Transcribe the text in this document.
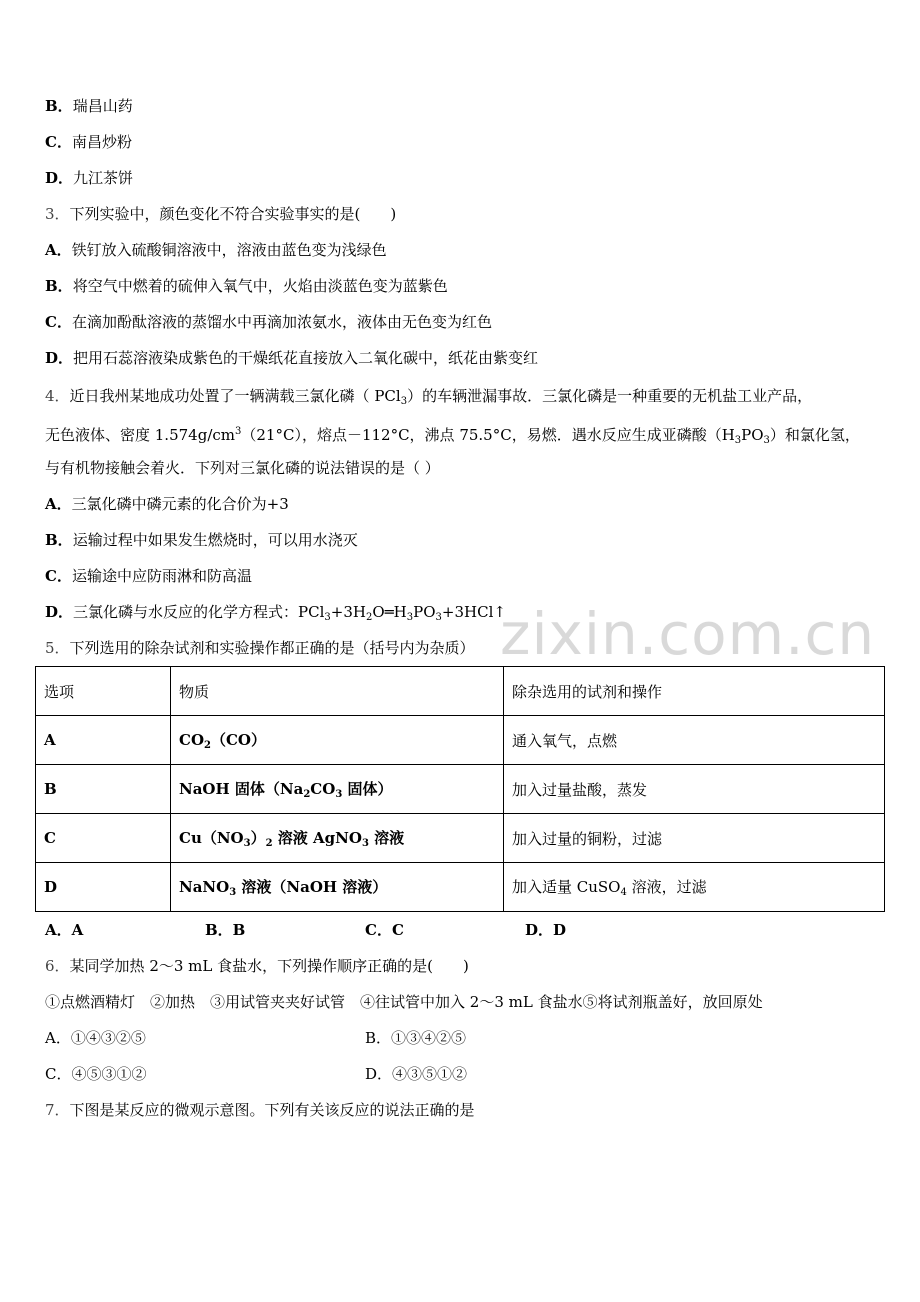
B．瑞昌山药
C．南昌炒粉
D．九江茶饼
3．下列实验中，颜色变化不符合实验事实的是(　　)
A．铁钉放入硫酸铜溶液中，溶液由蓝色变为浅绿色
B．将空气中燃着的硫伸入氧气中，火焰由淡蓝色变为蓝紫色
C．在滴加酚酞溶液的蒸馏水中再滴加浓氨水，液体由无色变为红色
D．把用石蕊溶液染成紫色的干燥纸花直接放入二氧化碳中，纸花由紫变红
4．近日我州某地成功处置了一辆满载三氯化磷（ PCl$_3$）的车辆泄漏事故．三氯化磷是一种重要的无机盐工业产品，
无色液体、密度 $1.574g/cm^3(21^\circ C)$，熔点－112°C，沸点 75.5°C，易燃．遇水反应生成亚磷酸$(H_3PO_3)$和氯化氢，
与有机物接触会着火．下列对三氯化磷的说法错误的是（ ）
A．三氯化磷中磷元素的化合价为+3
B．运输过程中如果发生燃烧时，可以用水浇灭
C．运输途中应防雨淋和防高温
D．三氯化磷与水反应的化学方程式：$PCl_3+3H_2O═H_3PO_3+3HCl↑$
zixin.com.cn
5．下列选用的除杂试剂和实验操作都正确的是（括号内为杂质）
选项	物质	除杂选用的试剂和操作
A	$CO_2(CO)$	通入氧气，点燃
B	NaOH 固体（$Na_2CO_3$ 固体）	加入过量盐酸，蒸发
C	$Cu(NO_3)_2$ 溶液 AgNO$_3$ 溶液	加入过量的铜粉，过滤
D	NaNO$_3$ 溶液（NaOH 溶液）	加入适量 CuSO$_4$ 溶液，过滤
A．A	B．B	C．C	D．D
6．某同学加热 2～3 mL 食盐水，下列操作顺序正确的是(　　)
①点燃酒精灯　②加热　③用试管夹夹好试管　④往试管中加入 2～3 mL 食盐水⑤将试剂瓶盖好，放回原处
A．①④③②⑤	B．①③④②⑤
C．④⑤③①②	D．④③⑤①②
7．下图是某反应的微观示意图。下列有关该反应的说法正确的是
